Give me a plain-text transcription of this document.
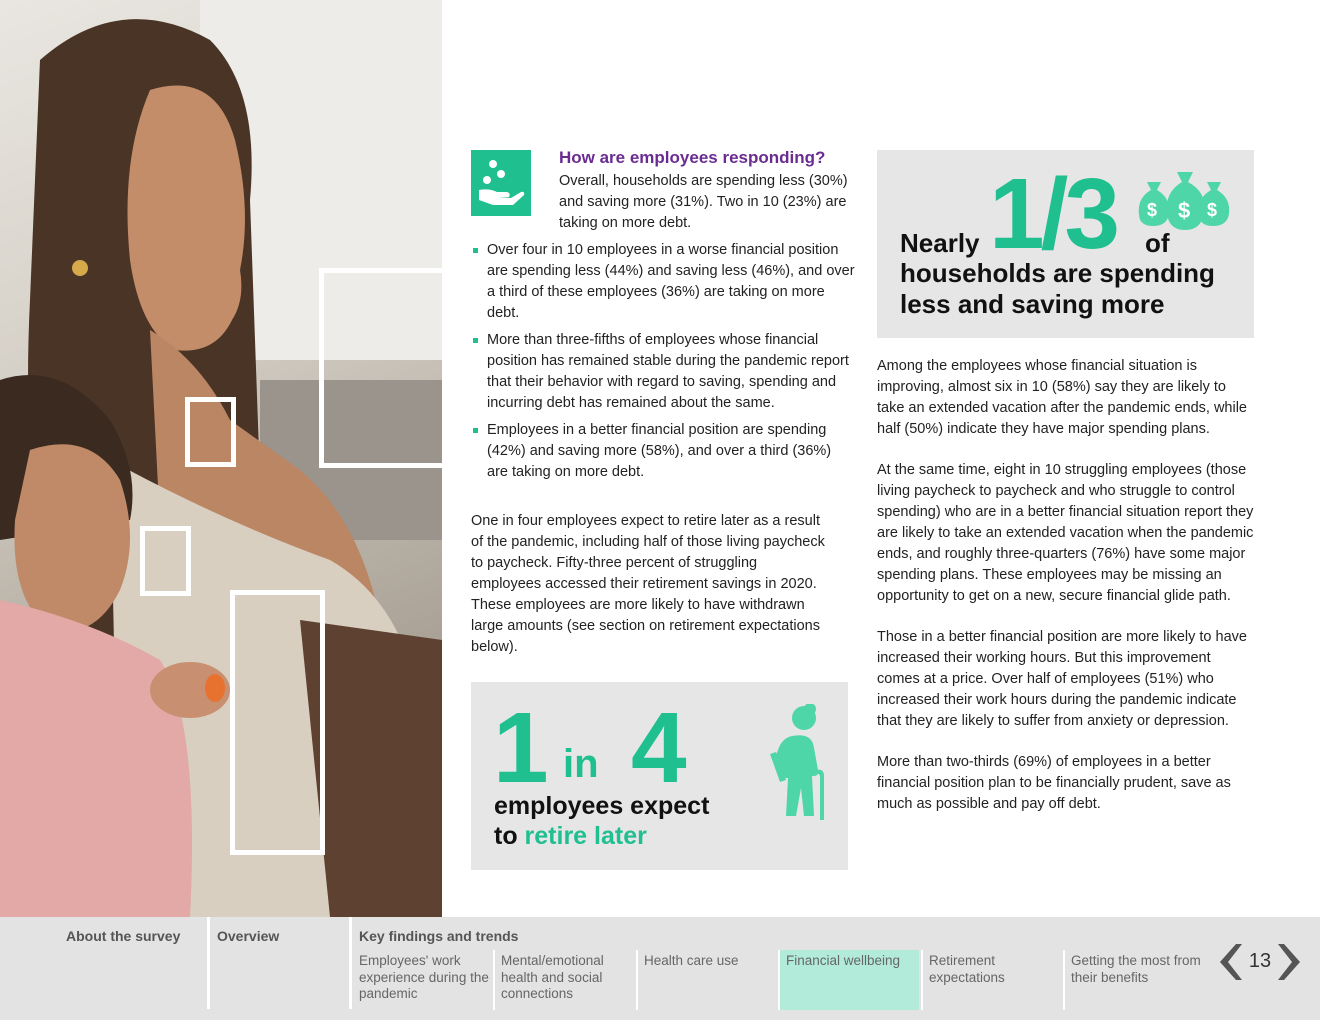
How are employees responding?
Overall, households are spending less (30%) and saving more (31%). Two in 10 (23%) are taking on more debt.
Over four in 10 employees in a worse financial position are spending less (44%) and saving less (46%), and over a third of these employees (36%) are taking on more debt.
More than three-fifths of employees whose financial position has remained stable during the pandemic report that their behavior with regard to saving, spending and incurring debt has remained about the same.
Employees in a better financial position are spending (42%) and saving more (58%), and over a third (36%) are taking on more debt.

One in four employees expect to retire later as a result of the pandemic, including half of those living paycheck to paycheck. Fifty-three percent of struggling employees accessed their retirement savings in 2020. These employees are more likely to have withdrawn large amounts (see section on retirement expectations below).

1 in 4
employees expect
to retire later
Nearly 1/3 of
households are spending less and saving more
$	$
$

Among the employees whose financial situation is improving, almost six in 10 (58%) say they are likely to take an extended vacation after the pandemic ends, while half (50%) indicate they have major spending plans.

At the same time, eight in 10 struggling employees (those living paycheck to paycheck and who struggle to control spending) who are in a better financial situation report they are likely to take an extended vacation when the pandemic ends, and roughly three-quarters (76%) have some major spending plans. These employees may be missing an opportunity to get on a new, secure financial glide path.

Those in a better financial position are more likely to have increased their working hours. But this improvement comes at a price. Over half of employees (51%) who increased their work hours during the pandemic indicate that they are likely to suffer from anxiety or depression.

More than two-thirds (69%) of employees in a better financial position plan to be financially prudent, save as much as possible and pay off debt.

About the survey	Overview	Key findings and trends
Employees' work experience during the pandemic
Mental/emotional health and social connections
Health care use	Financial wellbeing	Retirement expectations
Getting the most from their benefits
13
